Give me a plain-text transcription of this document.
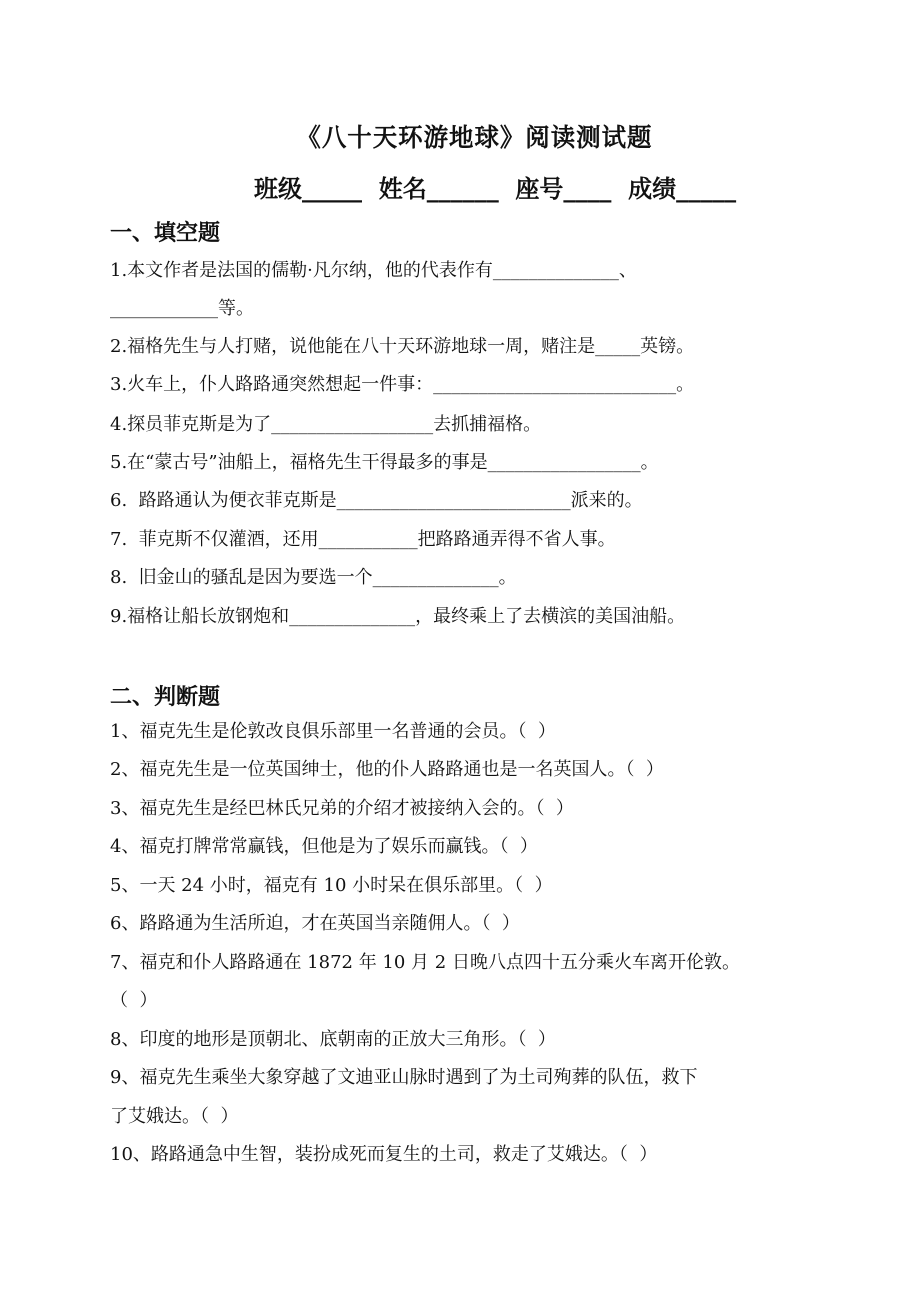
《八十天环游地球》阅读测试题
班级_____  姓名______  座号____  成绩_____
一、填空题
1.本文作者是法国的儒勒·凡尔纳，他的代表作有______________、
____________等。
2.福格先生与人打赌，说他能在八十天环游地球一周，赌注是_____英镑。
3.火车上，仆人路路通突然想起一件事：___________________________。
4.探员菲克斯是为了__________________去抓捕福格。
5.在“蒙古号”油船上，福格先生干得最多的事是_________________。
6.  路路通认为便衣菲克斯是__________________________派来的。
7.  菲克斯不仅灌酒，还用___________把路路通弄得不省人事。
8.  旧金山的骚乱是因为要选一个______________。
9.福格让船长放钢炮和______________，最终乘上了去横滨的美国油船。
二、判断题
1、福克先生是伦敦改良俱乐部里一名普通的会员。（  ）
2、福克先生是一位英国绅士，他的仆人路路通也是一名英国人。（  ）
3、福克先生是经巴林氏兄弟的介绍才被接纳入会的。（  ）
4、福克打牌常常赢钱，但他是为了娱乐而赢钱。（  ）
5、一天 24 小时，福克有 10 小时呆在俱乐部里。（  ）
6、路路通为生活所迫，才在英国当亲随佣人。（  ）
7、福克和仆人路路通在 1872 年 10 月 2 日晚八点四十五分乘火车离开伦敦。
（  ）
8、印度的地形是顶朝北、底朝南的正放大三角形。（  ）
9、福克先生乘坐大象穿越了文迪亚山脉时遇到了为土司殉葬的队伍，救下
了艾娥达。（  ）
10、路路通急中生智，装扮成死而复生的土司，救走了艾娥达。（  ）
